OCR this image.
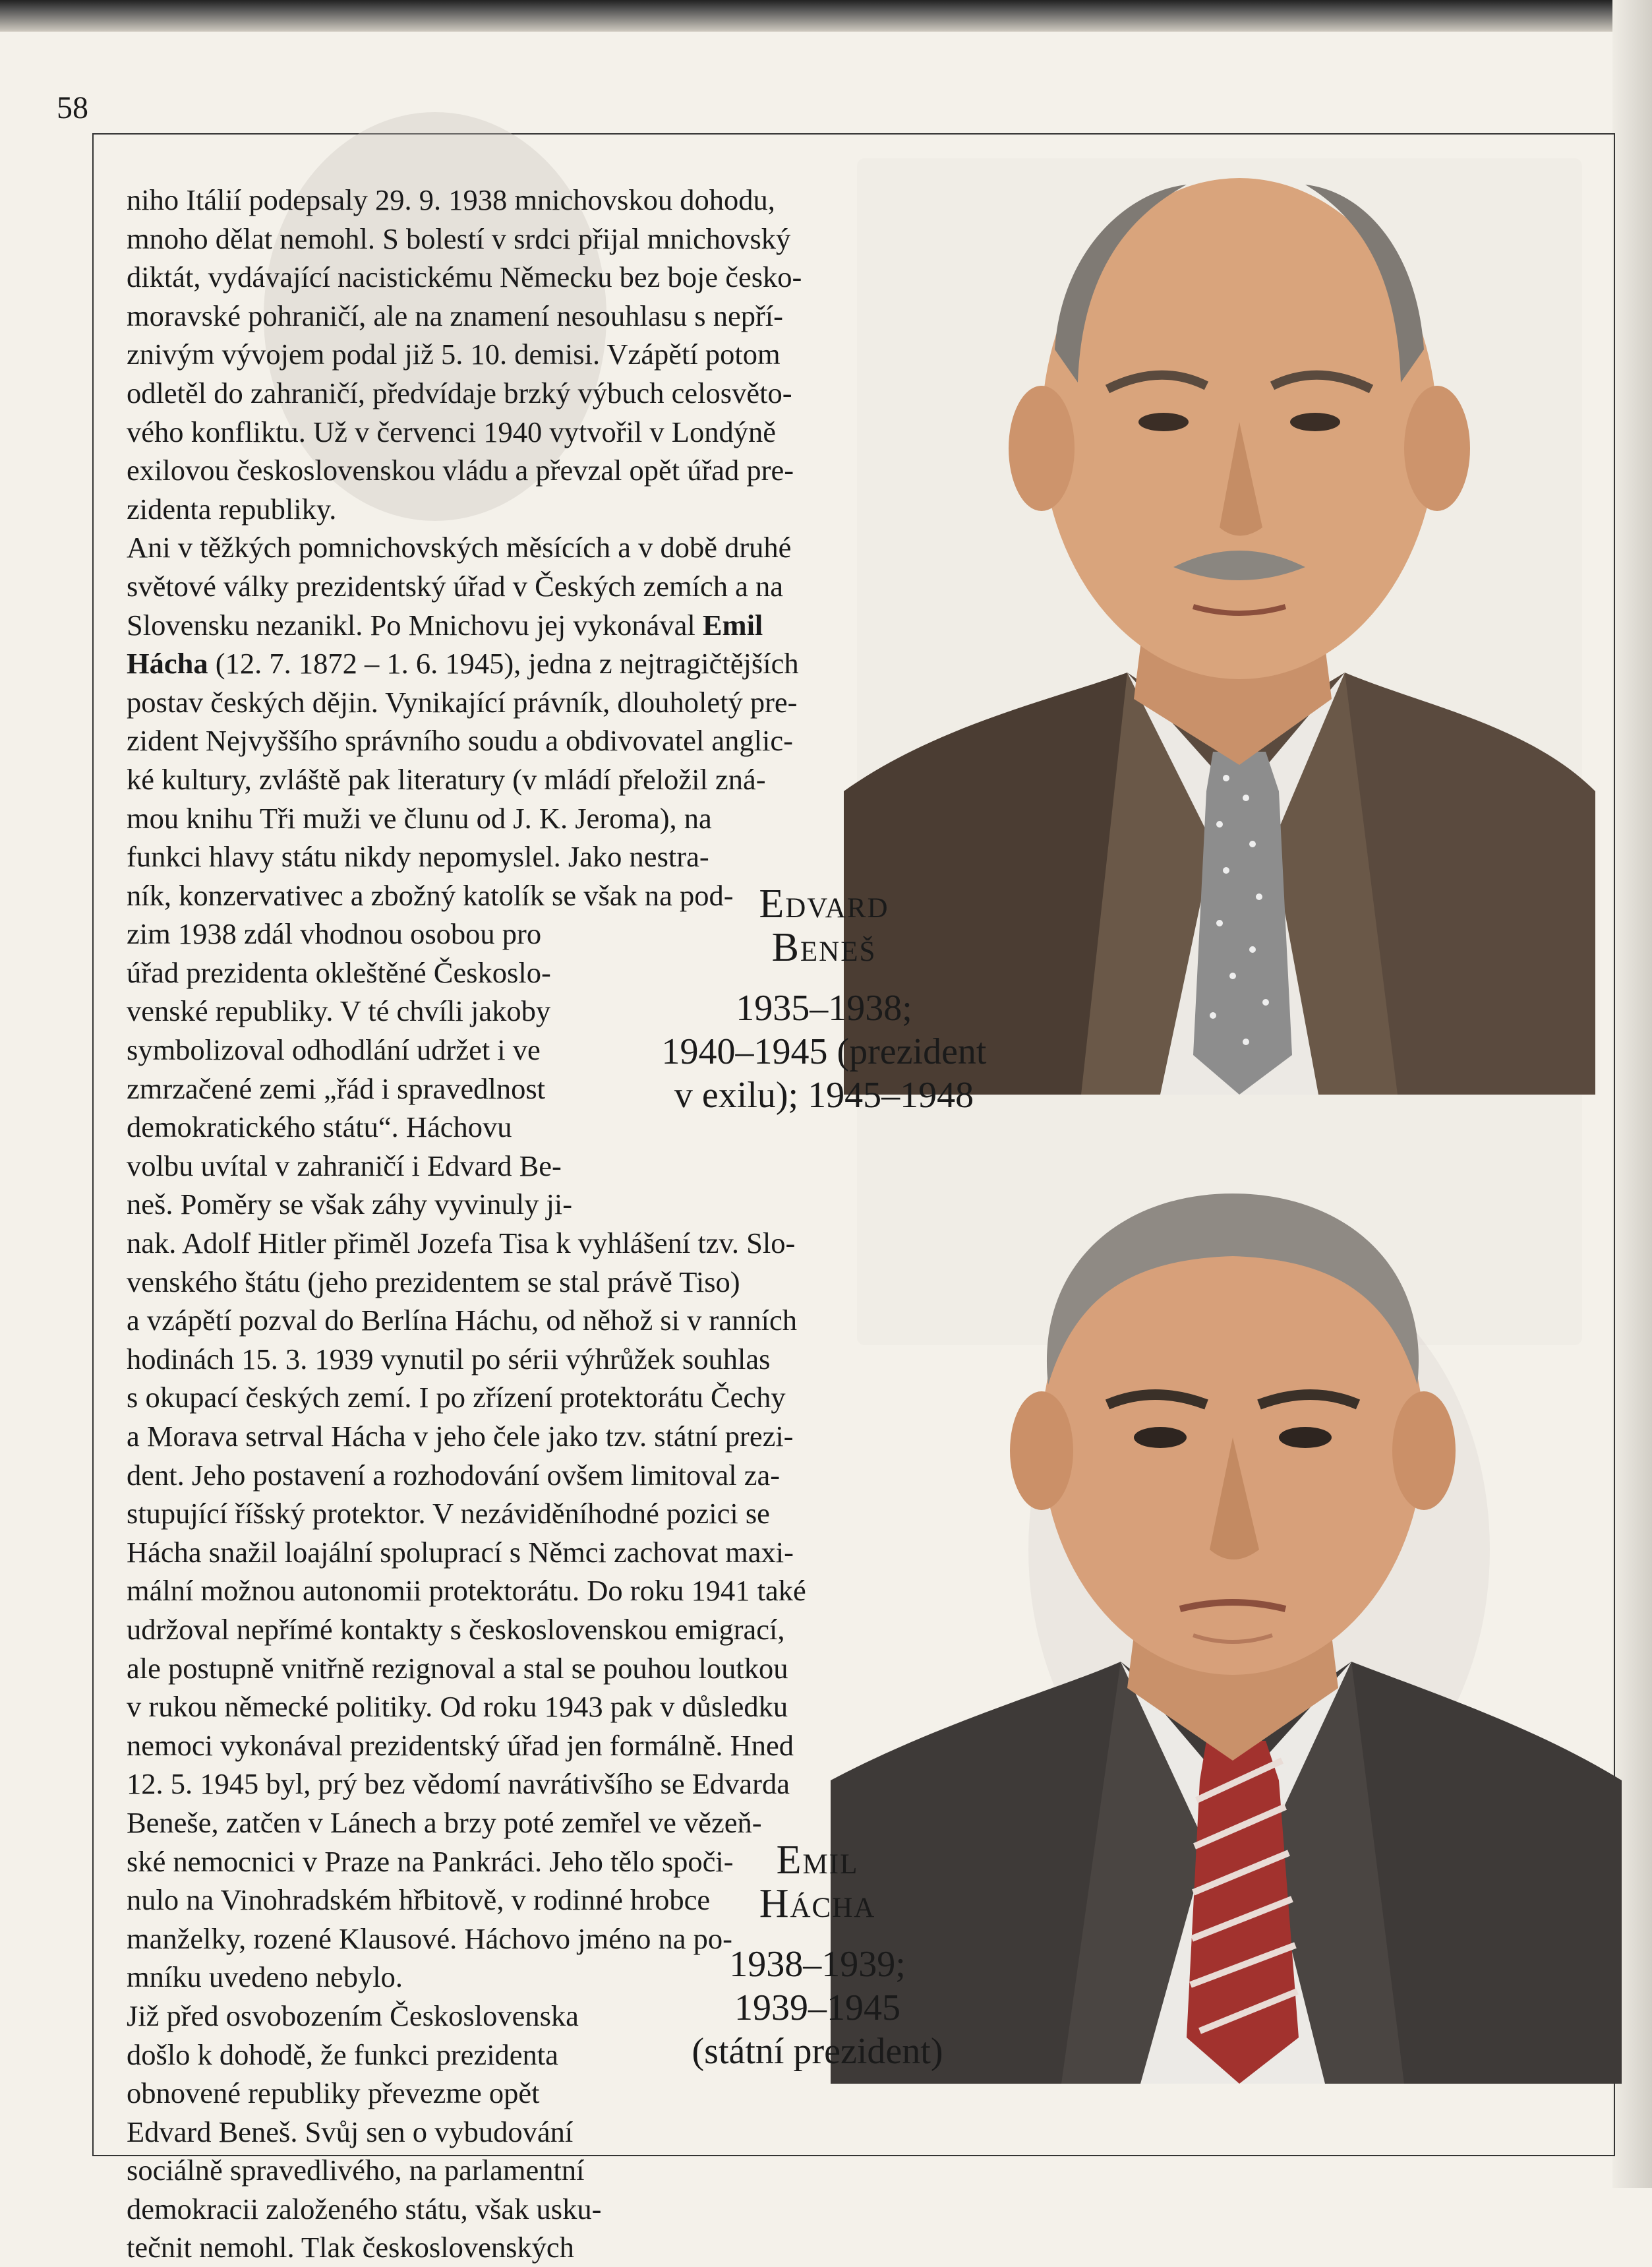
58
niho Itálií podepsaly 29. 9. 1938 mnichovskou dohodu,
mnoho dělat nemohl. S bolestí v srdci přijal mnichovský
diktát, vydávající nacistickému Německu bez boje česko-
moravské pohraničí, ale na znamení nesouhlasu s nepří-
znivým vývojem podal již 5. 10. demisi. Vzápětí potom
odletěl do zahraničí, předvídaje brzký výbuch celosvěto-
vého konfliktu. Už v červenci 1940 vytvořil v Londýně
exilovou československou vládu a převzal opět úřad pre-
zidenta republiky.
Ani v těžkých pomnichovských měsících a v době druhé
světové války prezidentský úřad v Českých zemích a na
Slovensku nezanikl. Po Mnichovu jej vykonával Emil
Hácha (12. 7. 1872 – 1. 6. 1945), jedna z nejtragičtějších
postav českých dějin. Vynikající právník, dlouholetý pre-
zident Nejvyššího správního soudu a obdivovatel anglic-
ké kultury, zvláště pak literatury (v mládí přeložil zná-
mou knihu Tři muži ve člunu od J. K. Jeroma), na
funkci hlavy státu nikdy nepomyslel. Jako nestra-
ník, konzervativec a zbožný katolík se však na pod-
zim 1938 zdál vhodnou osobou pro
úřad prezidenta okleštěné Českoslo-
venské republiky. V té chvíli jakoby
symbolizoval odhodlání udržet i ve
zmrzačené zemi „řád i spravedlnost
demokratického státu“. Háchovu
volbu uvítal v zahraničí i Edvard Be-
neš. Poměry se však záhy vyvinuly ji-
nak. Adolf Hitler přiměl Jozefa Tisa k vyhlášení tzv. Slo-
venského štátu (jeho prezidentem se stal právě Tiso)
a vzápětí pozval do Berlína Háchu, od něhož si v ranních
hodinách 15. 3. 1939 vynutil po sérii výhrůžek souhlas
s okupací českých zemí. I po zřízení protektorátu Čechy
a Morava setrval Hácha v jeho čele jako tzv. státní prezi-
dent. Jeho postavení a rozhodování ovšem limitoval za-
stupující říšský protektor. V nezáviděníhodné pozici se
Hácha snažil loajální spoluprací s Němci zachovat maxi-
mální možnou autonomii protektorátu. Do roku 1941 také
udržoval nepřímé kontakty s československou emigrací,
ale postupně vnitřně rezignoval a stal se pouhou loutkou
v rukou německé politiky. Od roku 1943 pak v důsledku
nemoci vykonával prezidentský úřad jen formálně. Hned
12. 5. 1945 byl, prý bez vědomí navrátivšího se Edvarda
Beneše, zatčen v Lánech a brzy poté zemřel ve vězeň-
ské nemocnici v Praze na Pankráci. Jeho tělo spoči-
nulo na Vinohradském hřbitově, v rodinné hrobce
manželky, rozené Klausové. Háchovo jméno na po-
mníku uvedeno nebylo.
Již před osvobozením Československa
došlo k dohodě, že funkci prezidenta
obnovené republiky převezme opět
Edvard Beneš. Svůj sen o vybudování
sociálně spravedlivého, na parlamentní
demokracii založeného státu, však usku-
tečnit nemohl. Tlak československých
Edvard
Beneš
1935–1938;
1940–1945 (prezident
v exilu); 1945–1948
Emil
Hácha
1938–1939;
1939–1945
(státní prezident)
